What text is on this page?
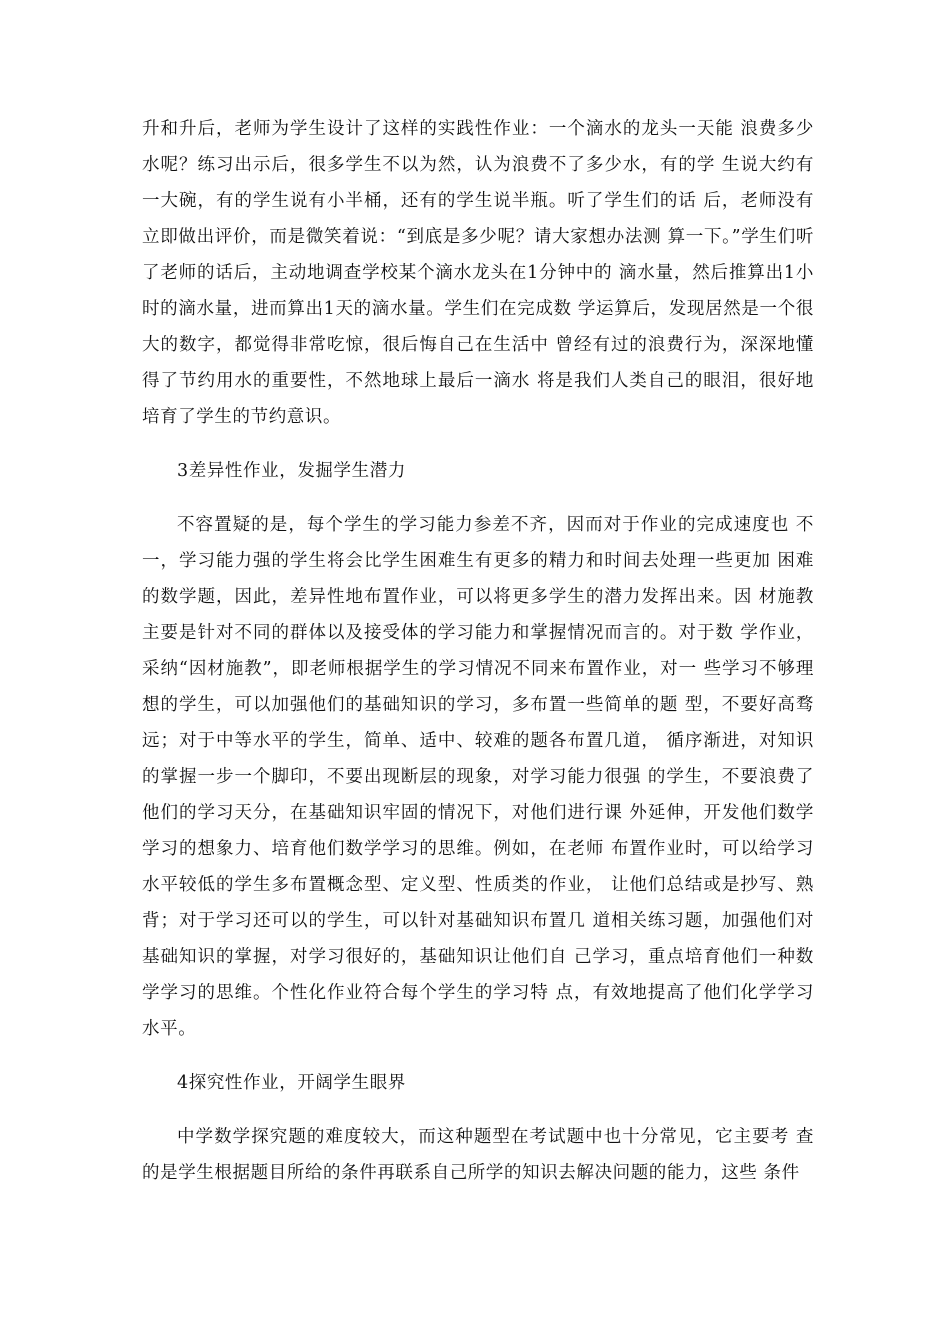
升和升后，老师为学生设计了这样的实践性作业：一个滴水的龙头一天能 浪费多少水呢？练习出示后，很多学生不以为然，认为浪费不了多少水，有的学 生说大约有一大碗，有的学生说有小半桶，还有的学生说半瓶。听了学生们的话 后，老师没有立即做出评价，而是微笑着说：“到底是多少呢？请大家想办法测 算一下。”学生们听了老师的话后，主动地调查学校某个滴水龙头在1分钟中的 滴水量，然后推算出1小时的滴水量，进而算出1天的滴水量。学生们在完成数 学运算后，发现居然是一个很大的数字，都觉得非常吃惊，很后悔自己在生活中 曾经有过的浪费行为，深深地懂得了节约用水的重要性，不然地球上最后一滴水 将是我们人类自己的眼泪，很好地培育了学生的节约意识。

3差异性作业，发掘学生潜力

不容置疑的是，每个学生的学习能力参差不齐，因而对于作业的完成速度也 不一，学习能力强的学生将会比学生困难生有更多的精力和时间去处理一些更加 困难的数学题，因此，差异性地布置作业，可以将更多学生的潜力发挥出来。因 材施教主要是针对不同的群体以及接受体的学习能力和掌握情况而言的。对于数 学作业，采纳“因材施教”，即老师根据学生的学习情况不同来布置作业，对一 些学习不够理想的学生，可以加强他们的基础知识的学习，多布置一些简单的题 型，不要好高骛远；对于中等水平的学生，简单、适中、较难的题各布置几道， 循序渐进，对知识的掌握一步一个脚印，不要出现断层的现象，对学习能力很强 的学生，不要浪费了他们的学习天分，在基础知识牢固的情况下，对他们进行课 外延伸，开发他们数学学习的想象力、培育他们数学学习的思维。例如，在老师 布置作业时，可以给学习水平较低的学生多布置概念型、定义型、性质类的作业， 让他们总结或是抄写、熟背；对于学习还可以的学生，可以针对基础知识布置几 道相关练习题，加强他们对基础知识的掌握，对学习很好的，基础知识让他们自 己学习，重点培育他们一种数学学习的思维。个性化作业符合每个学生的学习特 点，有效地提高了他们化学学习水平。

4探究性作业，开阔学生眼界

中学数学探究题的难度较大，而这种题型在考试题中也十分常见，它主要考 查的是学生根据题目所给的条件再联系自己所学的知识去解决问题的能力，这些 条件
